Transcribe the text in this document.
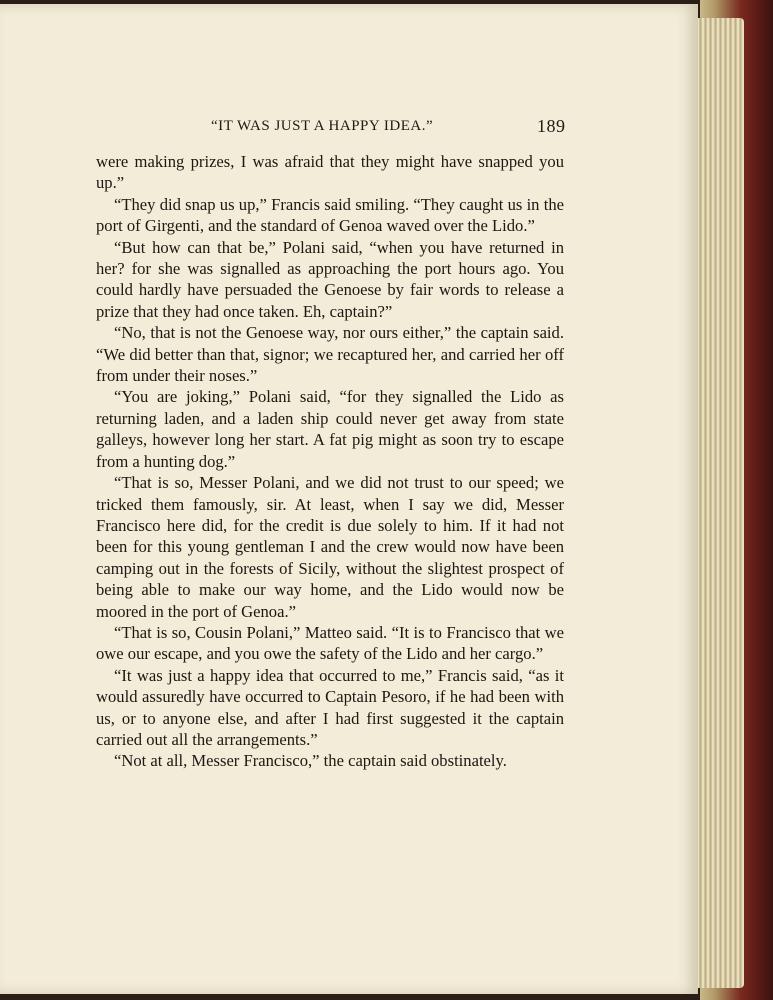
“IT WAS JUST A HAPPY IDEA.”	189

were making prizes, I was afraid that they might have snapped you up.”

“They did snap us up,” Francis said smiling. “They caught us in the port of Girgenti, and the standard of Genoa waved over the Lido.”

“But how can that be,” Polani said, “when you have returned in her? for she was signalled as approaching the port hours ago. You could hardly have persuaded the Genoese by fair words to release a prize that they had once taken. Eh, captain?”

“No, that is not the Genoese way, nor ours either,” the captain said. “We did better than that, signor; we recaptured her, and carried her off from under their noses.”

“You are joking,” Polani said, “for they signalled the Lido as returning laden, and a laden ship could never get away from state galleys, however long her start. A fat pig might as soon try to escape from a hunting dog.”

“That is so, Messer Polani, and we did not trust to our speed; we tricked them famously, sir. At least, when I say we did, Messer Francisco here did, for the credit is due solely to him. If it had not been for this young gentleman I and the crew would now have been camping out in the forests of Sicily, without the slightest prospect of being able to make our way home, and the Lido would now be moored in the port of Genoa.”

“That is so, Cousin Polani,” Matteo said. “It is to Francisco that we owe our escape, and you owe the safety of the Lido and her cargo.”

“It was just a happy idea that occurred to me,” Francis said, “as it would assuredly have occurred to Captain Pesoro, if he had been with us, or to anyone else, and after I had first suggested it the captain carried out all the arrangements.”

“Not at all, Messer Francisco,” the captain said obstinately.
